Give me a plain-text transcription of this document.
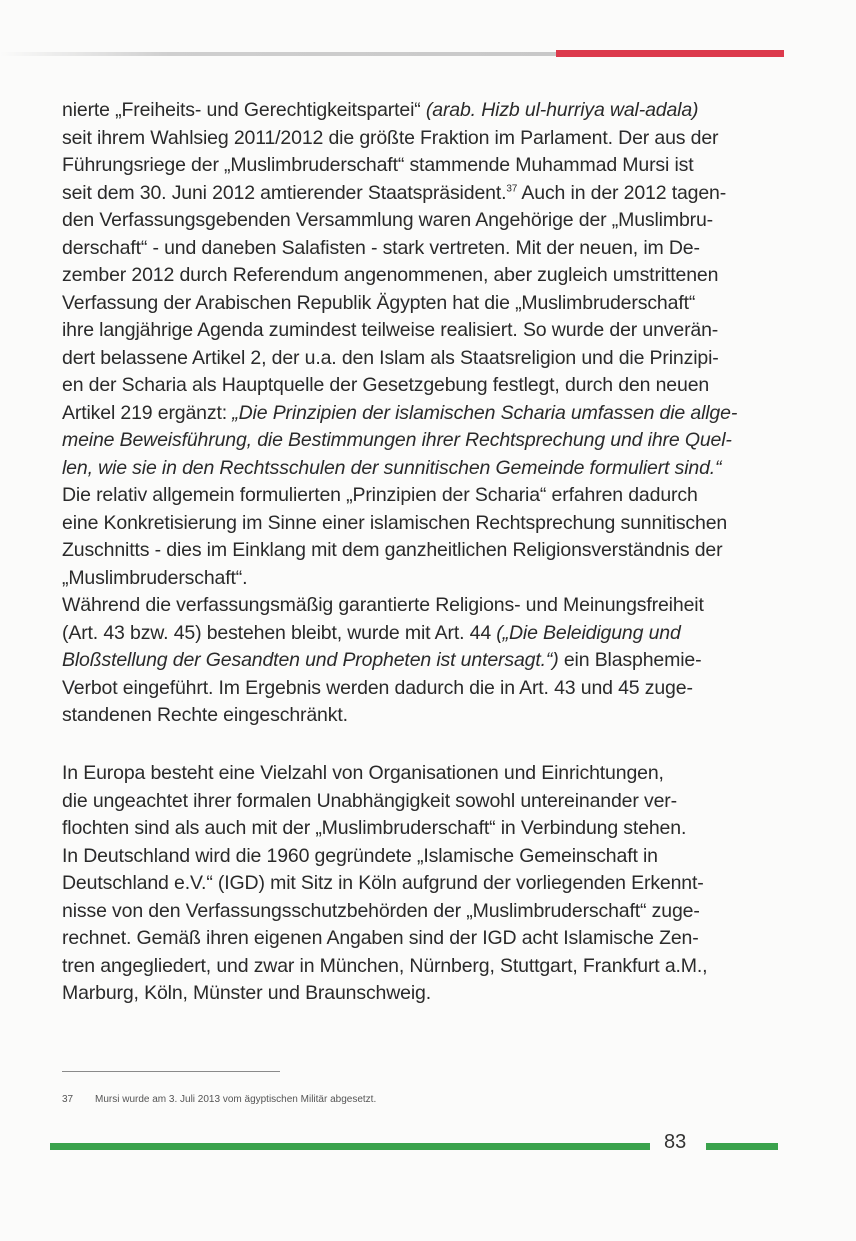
nierte „Freiheits- und Gerechtigkeitspartei“ (arab. Hizb ul-hurriya wal-adala)
seit ihrem Wahlsieg 2011/2012 die größte Fraktion im Parlament. Der aus der
Führungsriege der „Muslimbruderschaft“ stammende Muhammad Mursi ist
seit dem 30. Juni 2012 amtierender Staatspräsident.$^{37}$ Auch in der 2012 tagen-
den Verfassungsgebenden Versammlung waren Angehörige der „Muslimbru-
derschaft“ - und daneben Salafisten - stark vertreten. Mit der neuen, im De-
zember 2012 durch Referendum angenommenen, aber zugleich umstrittenen
Verfassung der Arabischen Republik Ägypten hat die „Muslimbruderschaft“
ihre langjährige Agenda zumindest teilweise realisiert. So wurde der unverän-
dert belassene Artikel 2, der u.a. den Islam als Staatsreligion und die Prinzipi-
en der Scharia als Hauptquelle der Gesetzgebung festlegt, durch den neuen
Artikel 219 ergänzt: „Die Prinzipien der islamischen Scharia umfassen die allge-
meine Beweisführung, die Bestimmungen ihrer Rechtsprechung und ihre Quel-
len, wie sie in den Rechtsschulen der sunnitischen Gemeinde formuliert sind.“
Die relativ allgemein formulierten „Prinzipien der Scharia“ erfahren dadurch
eine Konkretisierung im Sinne einer islamischen Rechtsprechung sunnitischen
Zuschnitts - dies im Einklang mit dem ganzheitlichen Religionsverständnis der
„Muslimbruderschaft“.
Während die verfassungsmäßig garantierte Religions- und Meinungsfreiheit
(Art. 43 bzw. 45) bestehen bleibt, wurde mit Art. 44 („Die Beleidigung und
Bloßstellung der Gesandten und Propheten ist untersagt.“) ein Blasphemie-
Verbot eingeführt. Im Ergebnis werden dadurch die in Art. 43 und 45 zuge-
standenen Rechte eingeschränkt.
In Europa besteht eine Vielzahl von Organisationen und Einrichtungen,
die ungeachtet ihrer formalen Unabhängigkeit sowohl untereinander ver-
flochten sind als auch mit der „Muslimbruderschaft“ in Verbindung stehen.
In Deutschland wird die 1960 gegründete „Islamische Gemeinschaft in
Deutschland e.V.“ (IGD) mit Sitz in Köln aufgrund der vorliegenden Erkennt-
nisse von den Verfassungsschutzbehörden der „Muslimbruderschaft“ zuge-
rechnet. Gemäß ihren eigenen Angaben sind der IGD acht Islamische Zen-
tren angegliedert, und zwar in München, Nürnberg, Stuttgart, Frankfurt a.M.,
Marburg, Köln, Münster und Braunschweig.
37 Mursi wurde am 3. Juli 2013 vom ägyptischen Militär abgesetzt.
83
